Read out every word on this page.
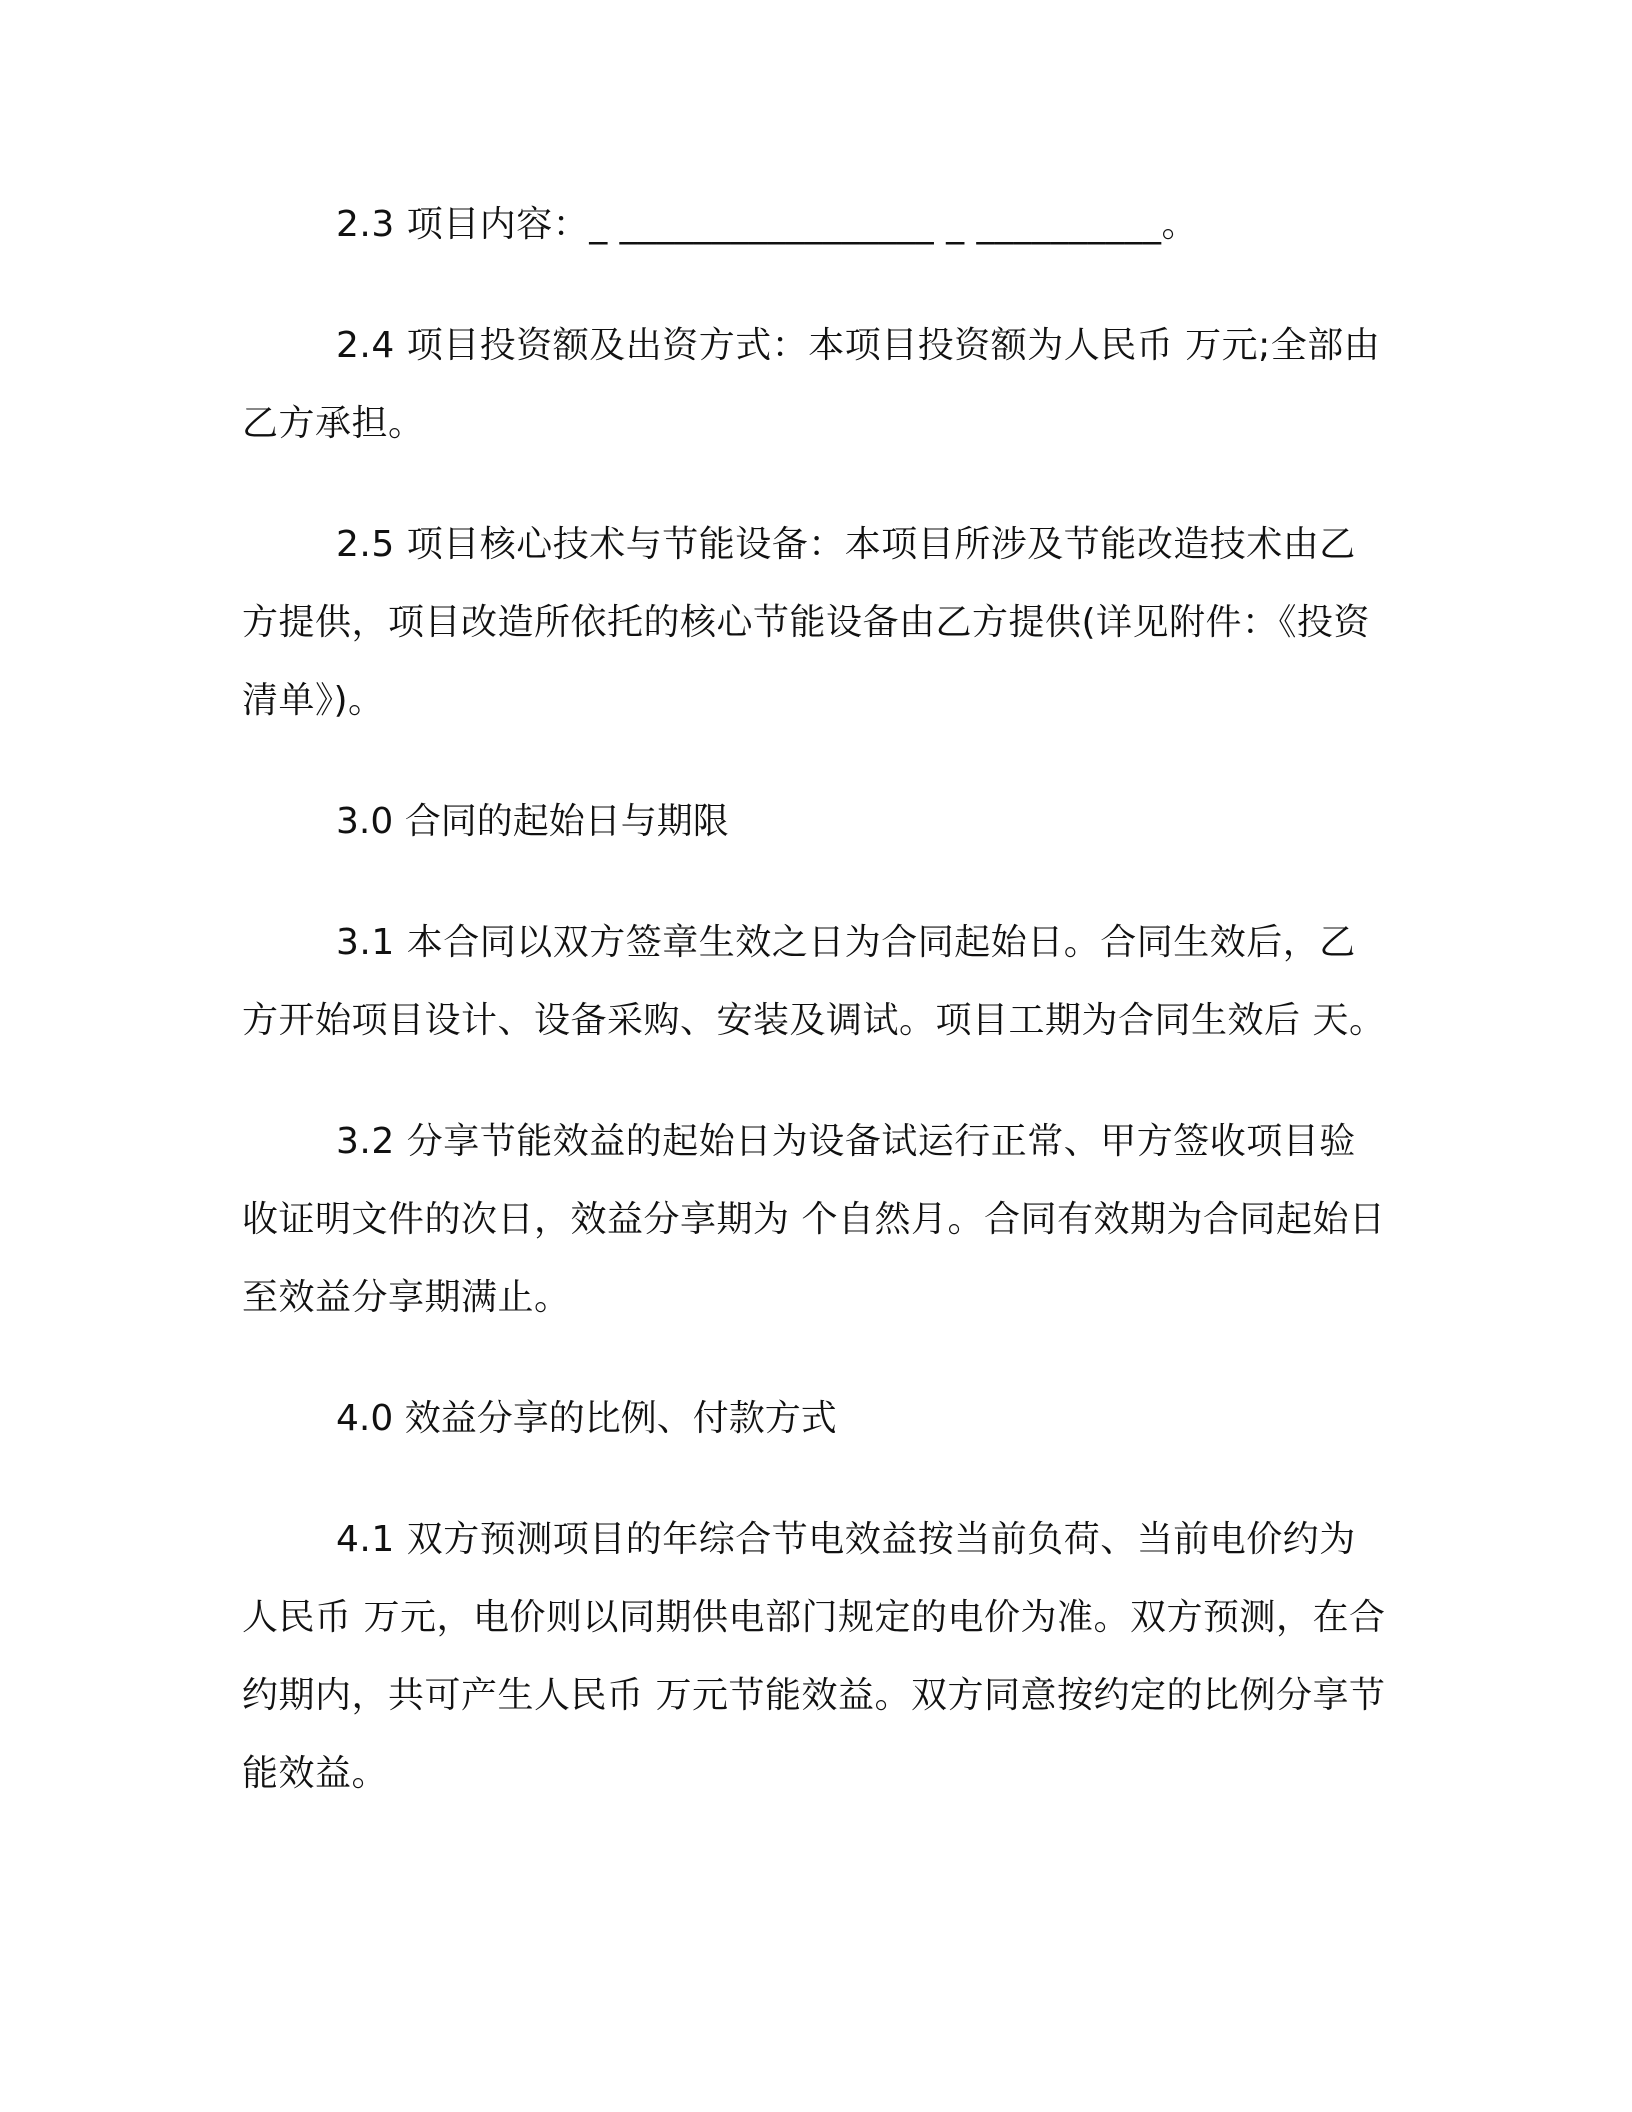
2.3 项目内容：_ _________________ _ __________。

2.4 项目投资额及出资方式：本项目投资额为人民币 万元;全部由乙方承担。

2.5 项目核心技术与节能设备：本项目所涉及节能改造技术由乙方提供，项目改造所依托的核心节能设备由乙方提供(详见附件：《投资清单》)。

3.0 合同的起始日与期限

3.1 本合同以双方签章生效之日为合同起始日。合同生效后，乙方开始项目设计、设备采购、安装及调试。项目工期为合同生效后 天。

3.2 分享节能效益的起始日为设备试运行正常、甲方签收项目验收证明文件的次日，效益分享期为 个自然月。合同有效期为合同起始日至效益分享期满止。

4.0 效益分享的比例、付款方式

4.1 双方预测项目的年综合节电效益按当前负荷、当前电价约为人民币 万元，电价则以同期供电部门规定的电价为准。双方预测，在合约期内，共可产生人民币 万元节能效益。双方同意按约定的比例分享节能效益。
